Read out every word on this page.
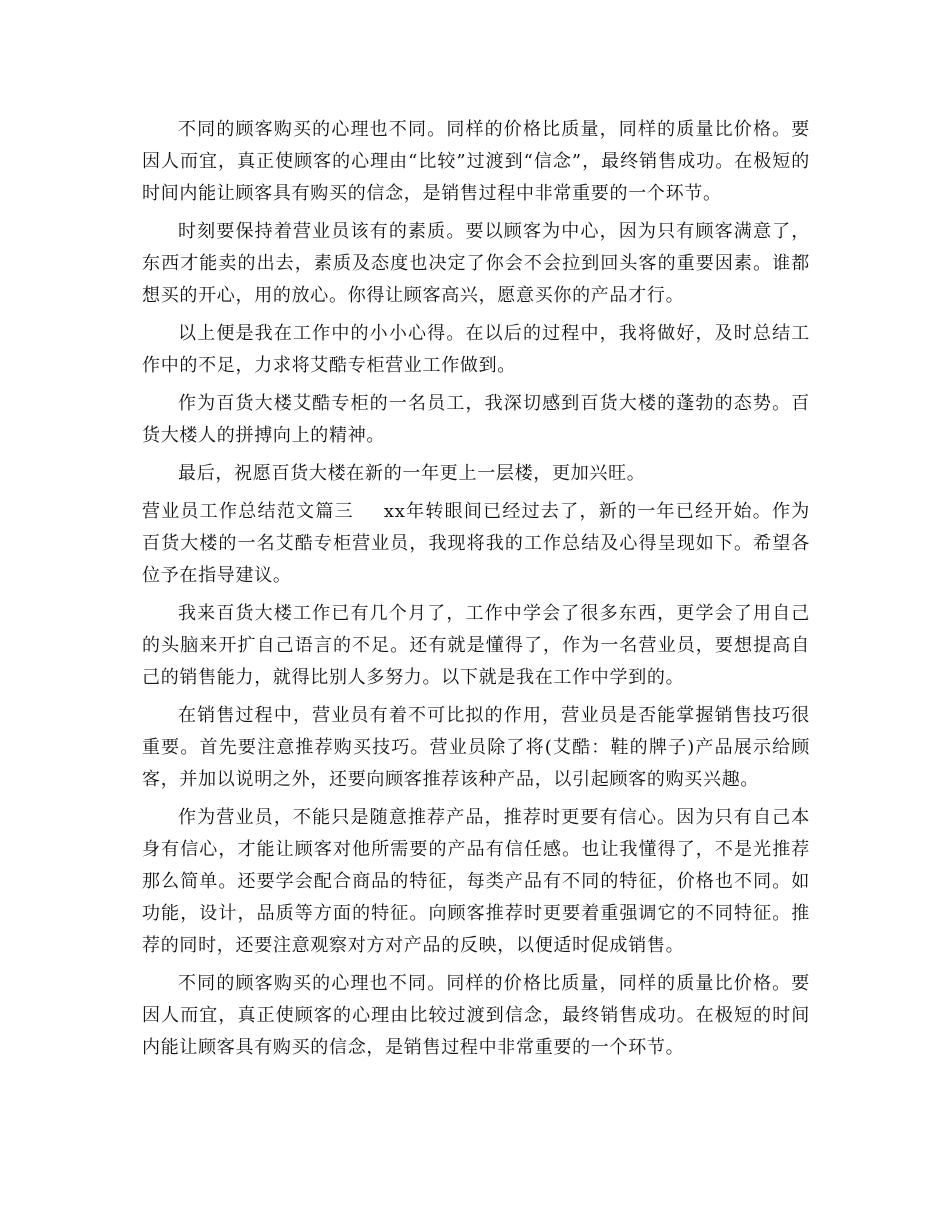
不同的顾客购买的心理也不同。同样的价格比质量，同样的质量比价格。要因人而宜，真正使顾客的心理由“比较”过渡到“信念”，最终销售成功。在极短的时间内能让顾客具有购买的信念，是销售过程中非常重要的一个环节。

时刻要保持着营业员该有的素质。要以顾客为中心，因为只有顾客满意了，东西才能卖的出去，素质及态度也决定了你会不会拉到回头客的重要因素。谁都想买的开心，用的放心。你得让顾客高兴，愿意买你的产品才行。

以上便是我在工作中的小小心得。在以后的过程中，我将做好，及时总结工作中的不足，力求将艾酷专柜营业工作做到。

作为百货大楼艾酷专柜的一名员工，我深切感到百货大楼的蓬勃的态势。百货大楼人的拼搏向上的精神。

最后，祝愿百货大楼在新的一年更上一层楼，更加兴旺。

营业员工作总结范文篇三 xx年转眼间已经过去了，新的一年已经开始。作为百货大楼的一名艾酷专柜营业员，我现将我的工作总结及心得呈现如下。希望各位予在指导建议。

我来百货大楼工作已有几个月了，工作中学会了很多东西，更学会了用自己的头脑来开扩自己语言的不足。还有就是懂得了，作为一名营业员，要想提高自己的销售能力，就得比别人多努力。以下就是我在工作中学到的。

在销售过程中，营业员有着不可比拟的作用，营业员是否能掌握销售技巧很重要。首先要注意推荐购买技巧。营业员除了将(艾酷：鞋的牌子)产品展示给顾客，并加以说明之外，还要向顾客推荐该种产品，以引起顾客的购买兴趣。

作为营业员，不能只是随意推荐产品，推荐时更要有信心。因为只有自己本身有信心，才能让顾客对他所需要的产品有信任感。也让我懂得了，不是光推荐那么简单。还要学会配合商品的特征，每类产品有不同的特征，价格也不同。如功能，设计，品质等方面的特征。向顾客推荐时更要着重强调它的不同特征。推荐的同时，还要注意观察对方对产品的反映，以便适时促成销售。

不同的顾客购买的心理也不同。同样的价格比质量，同样的质量比价格。要因人而宜，真正使顾客的心理由比较过渡到信念，最终销售成功。在极短的时间内能让顾客具有购买的信念，是销售过程中非常重要的一个环节。
